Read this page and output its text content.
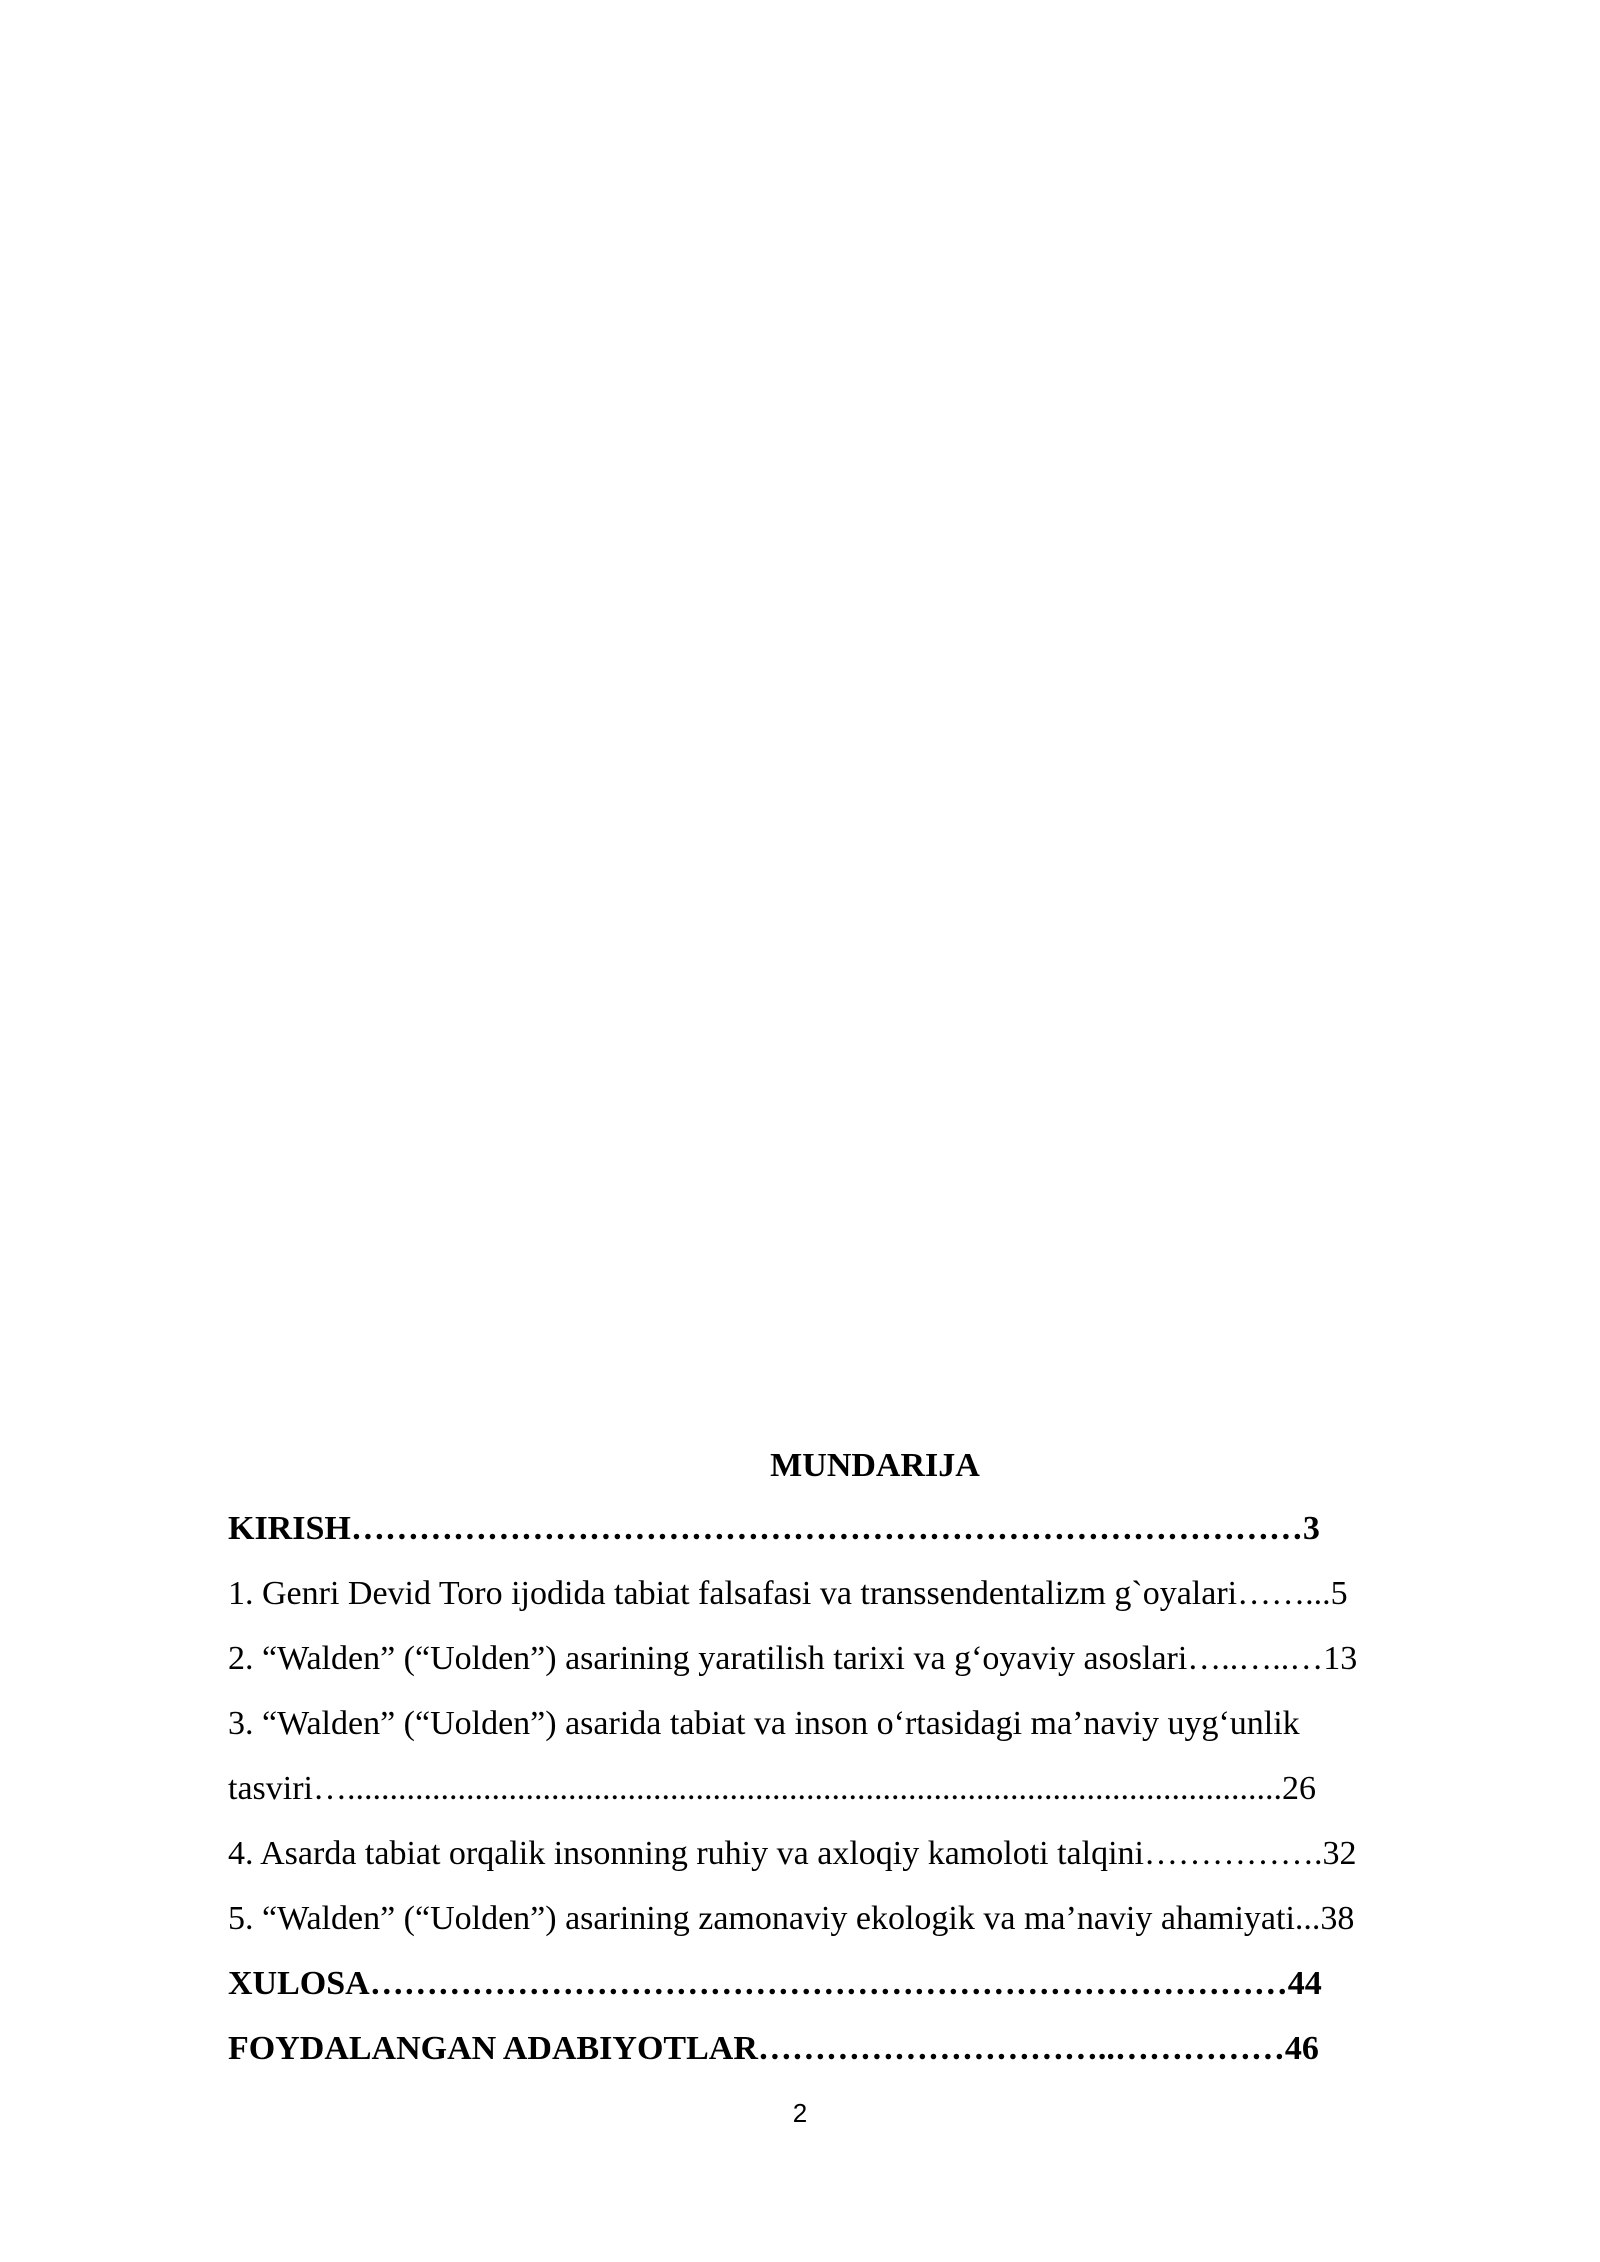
MUNDARIJA
KIRISH…………………………………………………………………………3
1. Genri Devid Toro ijodida tabiat falsafasi va transsendentalizm g`oyalari……...5
2. “Walden” (“Uolden”) asarining yaratilish tarixi va g‘oyaviy asoslari…..…..…13
3. “Walden” (“Uolden”) asarida tabiat va inson o‘rtasidagi ma’naviy uyg‘unlik
tasviri…..............................................................................................................26
4. Asarda tabiat orqalik insonning ruhiy va axloqiy kamoloti talqini…………….32
5. “Walden” (“Uolden”) asarining zamonaviy ekologik va ma’naviy ahamiyati...38
XULOSA………………………………………………………………………44
FOYDALANGAN ADABIYOTLAR…………………………..……………46
2
